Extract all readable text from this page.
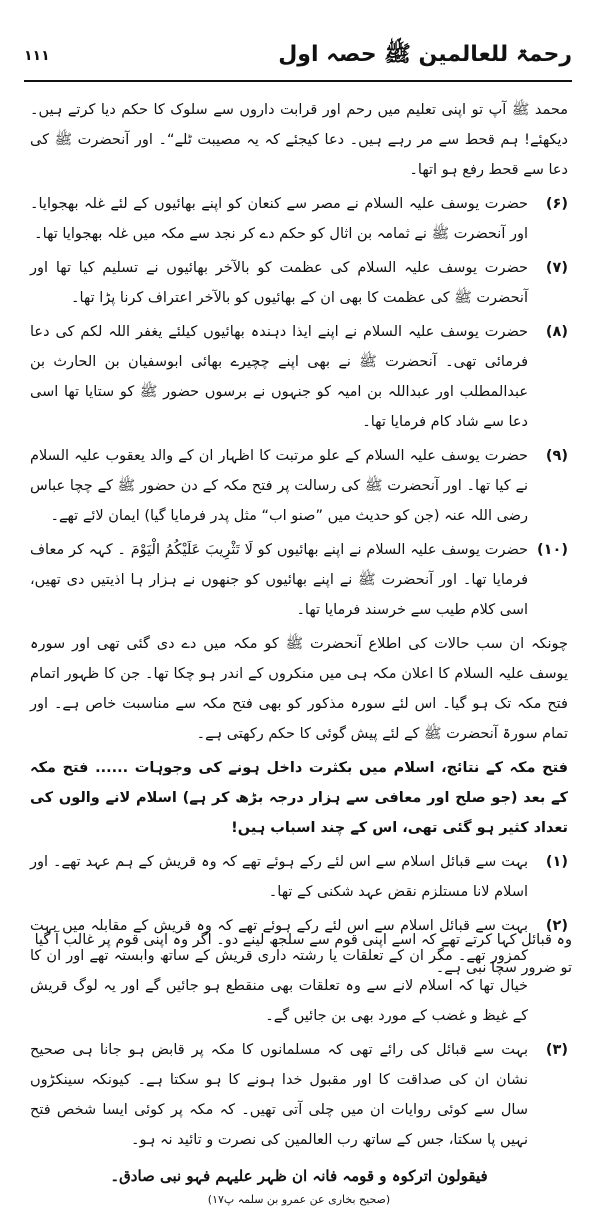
رحمۃ للعالمین ﷺ حصہ اول
۱۱۱

محمد ﷺ آپ تو اپنی تعلیم میں رحم اور قرابت داروں سے سلوک کا حکم دیا کرتے ہیں۔ دیکھئے! ہم قحط سے مر رہے ہیں۔ دعا کیجئے کہ یہ مصیبت ٹلے“۔ اور آنحضرت ﷺ کی دعا سے قحط رفع ہو اتھا۔

(۶)
حضرت یوسف علیہ السلام نے مصر سے کنعان کو اپنے بھائیوں کے لئے غلہ بھجوایا۔ اور آنحضرت ﷺ نے ثمامہ بن اثال کو حکم دے کر نجد سے مکہ میں غلہ بھجوایا تھا۔
(۷)
حضرت یوسف علیہ السلام کی عظمت کو بالآخر بھائیوں نے تسلیم کیا تھا اور آنحضرت ﷺ کی عظمت کا بھی ان کے بھائیوں کو بالآخر اعتراف کرنا پڑا تھا۔
(۸)
حضرت یوسف علیہ السلام نے اپنے ایذا دہندہ بھائیوں کیلئے یغفر اللہ لکم کی دعا فرمائی تھی۔ آنحضرت ﷺ نے بھی اپنے چچیرے بھائی ابوسفیان بن الحارث بن عبدالمطلب اور عبداللہ بن امیہ کو جنہوں نے برسوں حضور ﷺ کو ستایا تھا اسی دعا سے شاد کام فرمایا تھا۔
(۹)
حضرت یوسف علیہ السلام کے علو مرتبت کا اظہار ان کے والد یعقوب علیہ السلام نے کیا تھا۔ اور آنحضرت ﷺ کی رسالت پر فتح مکہ کے دن حضور ﷺ کے چچا عباس رضی اللہ عنہ (جن کو حدیث میں ”صنو اب“ مثل پدر فرمایا گیا) ایمان لائے تھے۔
(۱۰)
حضرت یوسف علیہ السلام نے اپنے بھائیوں کو لَا تَثْرِيبَ عَلَيْكُمُ الْيَوْمَ ۔ کہہ کر معاف فرمایا تھا۔ اور آنحضرت ﷺ نے اپنے بھائیوں کو جنھوں نے ہزار ہا اذیتیں دی تھیں، اسی کلام طیب سے خرسند فرمایا تھا۔

چونکہ ان سب حالات کی اطلاع آنحضرت ﷺ کو مکہ میں دے دی گئی تھی اور سورہ یوسف علیہ السلام کا اعلان مکہ ہی میں منکروں کے اندر ہو چکا تھا۔ جن کا ظہور اتمام فتح مکہ تک ہو گیا۔ اس لئے سورہ مذکور کو بھی فتح مکہ سے مناسبت خاص ہے۔ اور تمام سورۃ آنحضرت ﷺ کے لئے پیش گوئی کا حکم رکھتی ہے۔

فتح مکہ کے نتائج، اسلام میں بکثرت داخل ہونے کی وجوہات ...... فتح مکہ کے بعد (جو صلح اور معافی سے ہزار درجہ بڑھ کر ہے) اسلام لانے والوں کی تعداد کثیر ہو گئی تھی، اس کے چند اسباب ہیں!

(۱)
بہت سے قبائل اسلام سے اس لئے رکے ہوئے تھے کہ وہ قریش کے ہم عہد تھے۔ اور اسلام لانا مستلزم نقض عہد شکنی کے تھا۔
(۲)
بہت سے قبائل اسلام سے اس لئے رکے ہوئے تھے کہ وہ قریش کے مقابلہ میں بہت کمزور تھے۔ مگر ان کے تعلقات یا رشتہ داری قریش کے ساتھ وابستہ تھے اور ان کا خیال تھا کہ اسلام لانے سے وہ تعلقات بھی منقطع ہو جائیں گے اور یہ لوگ قریش کے غیظ و غضب کے مورد بھی بن جائیں گے۔
(۳)
بہت سے قبائل کی رائے تھی کہ مسلمانوں کا مکہ پر قابض ہو جانا ہی صحیح نشان ان کی صداقت کا اور مقبول خدا ہونے کا ہو سکتا ہے۔ کیونکہ سینکڑوں سال سے کوئی روایات ان میں چلی آتی تھیں۔ کہ مکہ پر کوئی ایسا شخص فتح نہیں پا سکتا، جس کے ساتھ رب العالمین کی نصرت و تائید نہ ہو۔

فیقولون اترکوہ و قومہ فانہ ان ظہر علیہم فہو نبی صادق۔

(صحیح بخاری عن عمرو بن سلمہ پ۱۷)

وہ قبائل کہا کرتے تھے کہ اسے اپنی قوم سے سلجھ لینے دو۔ اگر وہ اپنی قوم پر غالب آ گیا تو ضرور سچا نبی ہے۔
